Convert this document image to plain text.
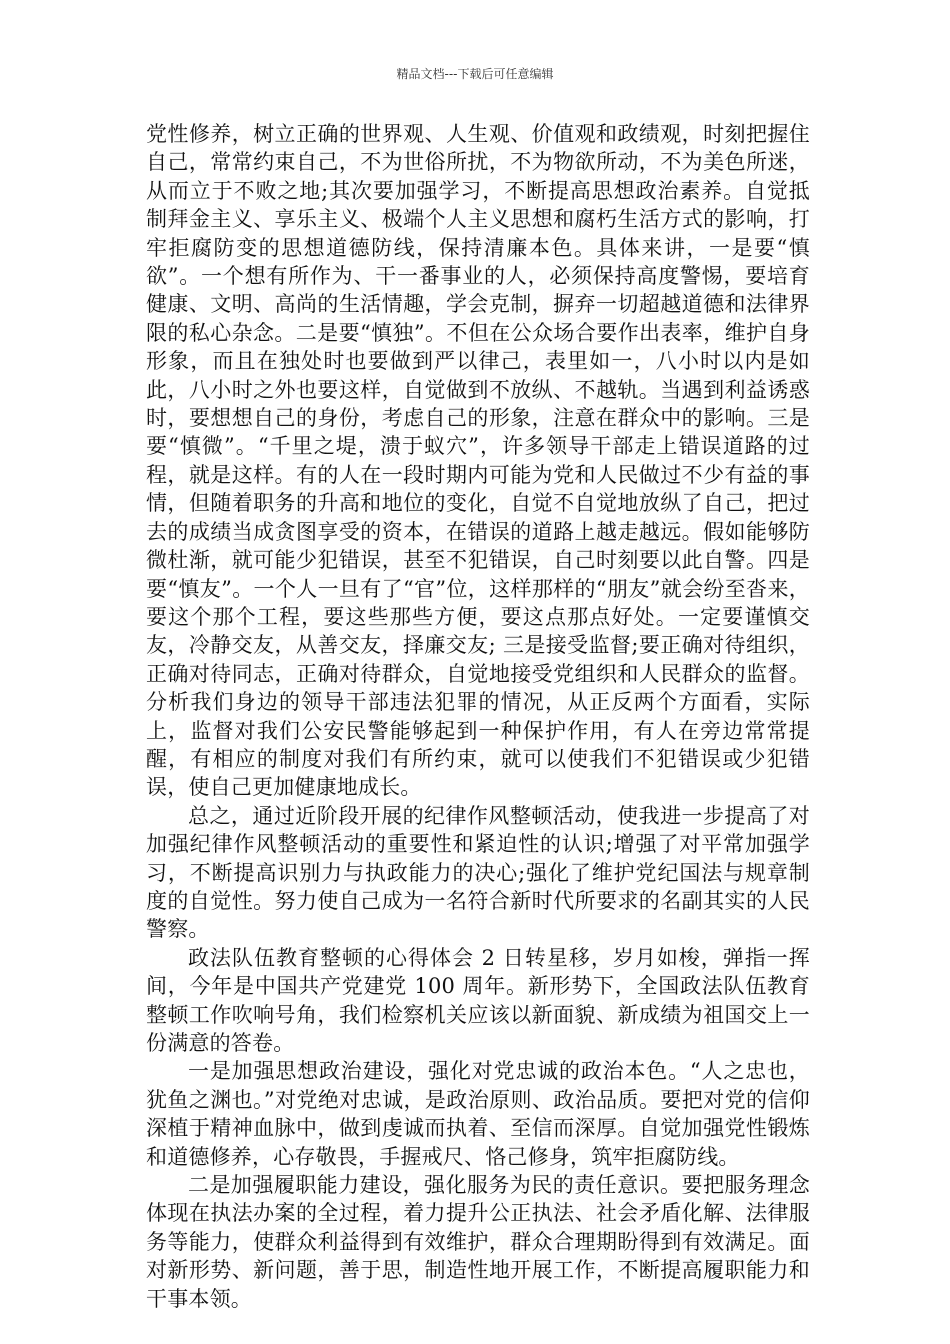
精品文档---下载后可任意编辑

党性修养，树立正确的世界观、人生观、价值观和政绩观，时刻把握住自己，常常约束自己，不为世俗所扰，不为物欲所动，不为美色所迷，从而立于不败之地;其次要加强学习，不断提高思想政治素养。自觉抵制拜金主义、享乐主义、极端个人主义思想和腐朽生活方式的影响，打牢拒腐防变的思想道德防线，保持清廉本色。具体来讲，一是要“慎欲”。一个想有所作为、干一番事业的人，必须保持高度警惕，要培育健康、文明、高尚的生活情趣，学会克制，摒弃一切超越道德和法律界限的私心杂念。二是要“慎独”。不但在公众场合要作出表率，维护自身形象，而且在独处时也要做到严以律己，表里如一，八小时以内是如此，八小时之外也要这样，自觉做到不放纵、不越轨。当遇到利益诱惑时，要想想自己的身份，考虑自己的形象，注意在群众中的影响。三是要“慎微”。“千里之堤，溃于蚁穴”，许多领导干部走上错误道路的过程，就是这样。有的人在一段时期内可能为党和人民做过不少有益的事情，但随着职务的升高和地位的变化，自觉不自觉地放纵了自己，把过去的成绩当成贪图享受的资本，在错误的道路上越走越远。假如能够防微杜渐，就可能少犯错误，甚至不犯错误，自己时刻要以此自警。四是要“慎友”。一个人一旦有了“官”位，这样那样的“朋友”就会纷至沓来，要这个那个工程，要这些那些方便，要这点那点好处。一定要谨慎交友，冷静交友，从善交友，择廉交友; 三是接受监督;要正确对待组织，正确对待同志，正确对待群众，自觉地接受党组织和人民群众的监督。分析我们身边的领导干部违法犯罪的情况，从正反两个方面看，实际上，监督对我们公安民警能够起到一种保护作用，有人在旁边常常提醒，有相应的制度对我们有所约束，就可以使我们不犯错误或少犯错误，使自己更加健康地成长。

总之，通过近阶段开展的纪律作风整顿活动，使我进一步提高了对加强纪律作风整顿活动的重要性和紧迫性的认识;增强了对平常加强学习，不断提高识别力与执政能力的决心;强化了维护党纪国法与规章制度的自觉性。努力使自己成为一名符合新时代所要求的名副其实的人民警察。

政法队伍教育整顿的心得体会 2 日转星移，岁月如梭，弹指一挥间，今年是中国共产党建党 100 周年。新形势下，全国政法队伍教育整顿工作吹响号角，我们检察机关应该以新面貌、新成绩为祖国交上一份满意的答卷。

一是加强思想政治建设，强化对党忠诚的政治本色。“人之忠也，犹鱼之渊也。”对党绝对忠诚，是政治原则、政治品质。要把对党的信仰深植于精神血脉中，做到虔诚而执着、至信而深厚。自觉加强党性锻炼和道德修养，心存敬畏，手握戒尺、恪己修身，筑牢拒腐防线。

二是加强履职能力建设，强化服务为民的责任意识。要把服务理念体现在执法办案的全过程，着力提升公正执法、社会矛盾化解、法律服务等能力，使群众利益得到有效维护，群众合理期盼得到有效满足。面对新形势、新问题，善于思，制造性地开展工作，不断提高履职能力和干事本领。
